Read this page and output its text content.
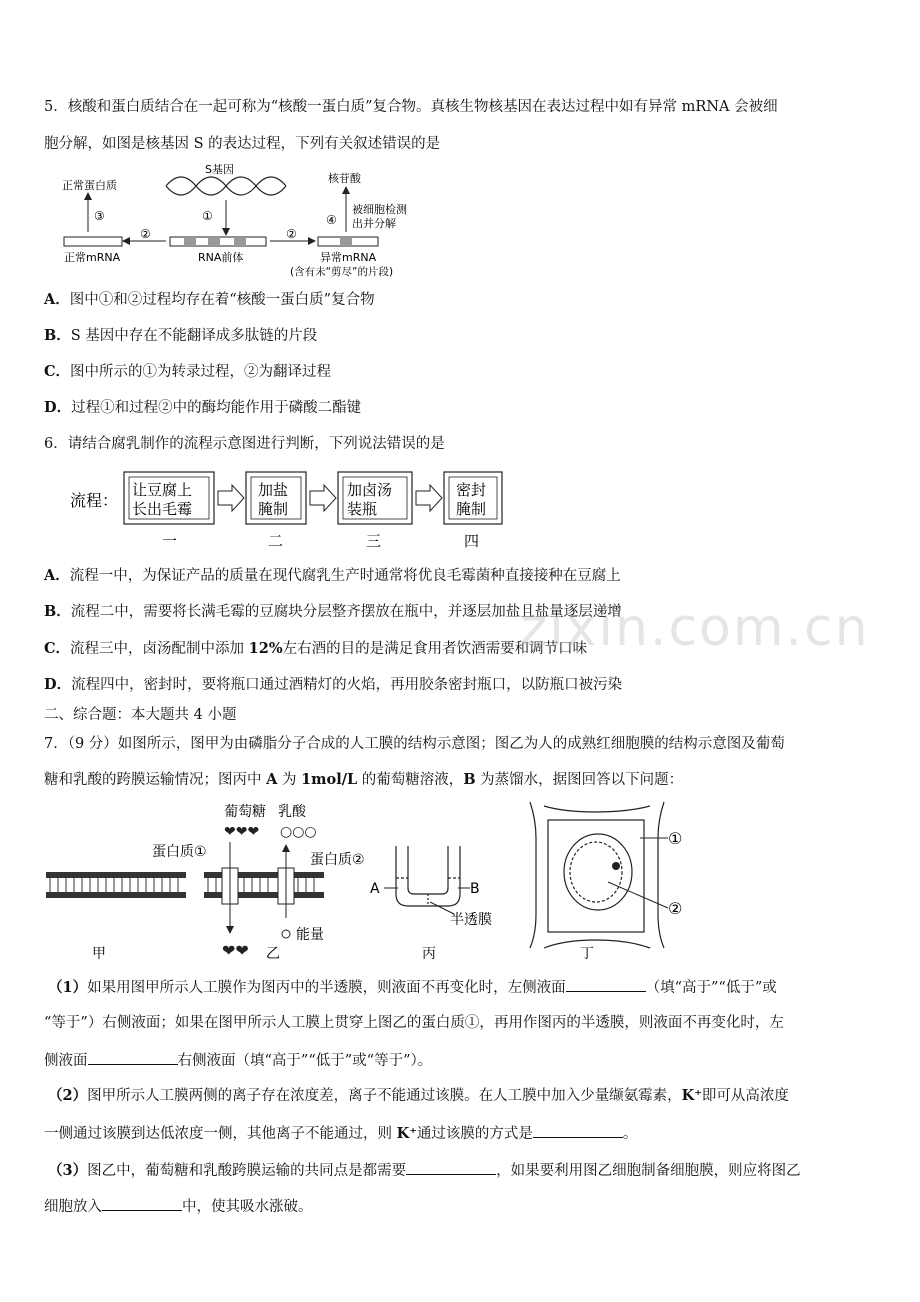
5．核酸和蛋白质结合在一起可称为“核酸一蛋白质”复合物。真核生物核基因在表达过程中如有异常 mRNA 会被细
胞分解，如图是核基因 S 的表达过程，下列有关叙述错误的是
S基因
①
RNA前体
正常mRNA
②
③
正常蛋白质
②
异常mRNA
(含有未“剪尽”的片段)
④
核苷酸
被细胞检测
出并分解
A．图中①和②过程均存在着“核酸一蛋白质”复合物
B．S 基因中存在不能翻译成多肽链的片段
C．图中所示的①为转录过程，②为翻译过程
D．过程①和过程②中的酶均能作用于磷酸二酯键
6．请结合腐乳制作的流程示意图进行判断，下列说法错误的是
流程：
让豆腐上
长出毛霉
加盐
腌制
加卤汤
装瓶
密封
腌制
一	二	三	四
A．流程一中，为保证产品的质量在现代腐乳生产时通常将优良毛霉菌种直接接种在豆腐上
B．流程二中，需要将长满毛霉的豆腐块分层整齐摆放在瓶中，并逐层加盐且盐量逐层递增
C．流程三中，卤汤配制中添加 12%左右酒的目的是满足食用者饮酒需要和调节口味
D．流程四中，密封时，要将瓶口通过酒精灯的火焰，再用胶条密封瓶口，以防瓶口被污染
zixin.com.cn
二、综合题：本大题共 4 小题
7．（9 分）如图所示，图甲为由磷脂分子合成的人工膜的结构示意图；图乙为人的成熟红细胞膜的结构示意图及葡萄
糖和乳酸的跨膜运输情况；图丙中 A 为 1mol/L 的葡萄糖溶液，B 为蒸馏水，据图回答以下问题：
甲	❤❤
❤❤❤ ○○○
葡萄糖 乳酸
蛋白质①	蛋白质②
能量
乙
A	B
半透膜
丙
①
②
丁
（1）如果用图甲所示人工膜作为图丙中的半透膜，则液面不再变化时，左侧液面	（填“高于”“低于”或
“等于”）右侧液面；如果在图甲所示人工膜上贯穿上图乙的蛋白质①，再用作图丙的半透膜，则液面不再变化时，左
侧液面	右侧液面（填“高于”“低于”或“等于”）。
（2）图甲所示人工膜两侧的离子存在浓度差，离子不能通过该膜。在人工膜中加入少量缬氨霉素，K⁺即可从高浓度
一侧通过该膜到达低浓度一侧，其他离子不能通过，则 K⁺通过该膜的方式是	。
（3）图乙中，葡萄糖和乳酸跨膜运输的共同点是都需要	，如果要利用图乙细胞制备细胞膜，则应将图乙
细胞放入	中，使其吸水涨破。
